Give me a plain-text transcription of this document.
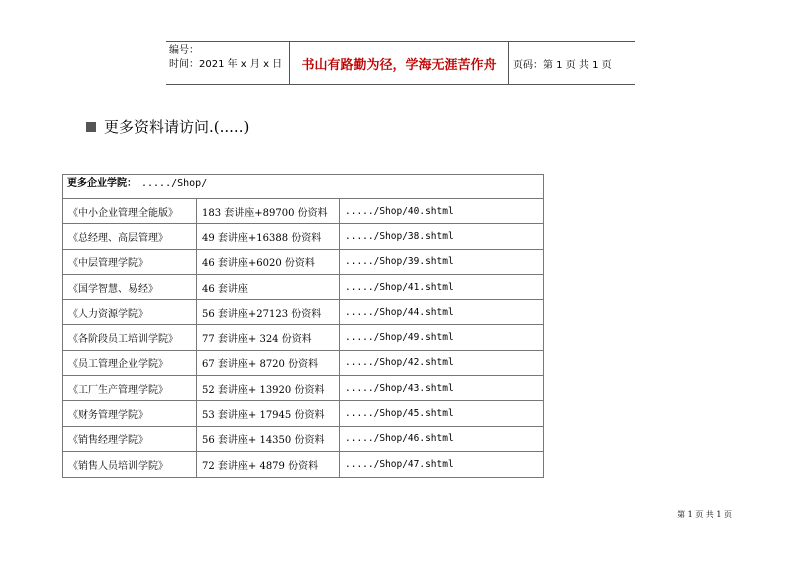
编号：
时间：2021 年 x 月 x 日	书山有路勤为径，学海无涯苦作舟	页码：第 1 页 共 1 页
更多资料请访问.(.....)
更多企业学院： ...../Shop/
《中小企业管理全能版》	183 套讲座+89700 份资料	...../Shop/40.shtml
《总经理、高层管理》	49 套讲座+16388 份资料	...../Shop/38.shtml
《中层管理学院》	46 套讲座+6020 份资料	...../Shop/39.shtml
《国学智慧、易经》	46 套讲座	...../Shop/41.shtml
《人力资源学院》	56 套讲座+27123 份资料	...../Shop/44.shtml
《各阶段员工培训学院》	77 套讲座+ 324 份资料	...../Shop/49.shtml
《员工管理企业学院》	67 套讲座+ 8720 份资料	...../Shop/42.shtml
《工厂生产管理学院》	52 套讲座+ 13920 份资料	...../Shop/43.shtml
《财务管理学院》	53 套讲座+ 17945 份资料	...../Shop/45.shtml
《销售经理学院》	56 套讲座+ 14350 份资料	...../Shop/46.shtml
《销售人员培训学院》	72 套讲座+ 4879 份资料	...../Shop/47.shtml
第 1 页 共 1 页
